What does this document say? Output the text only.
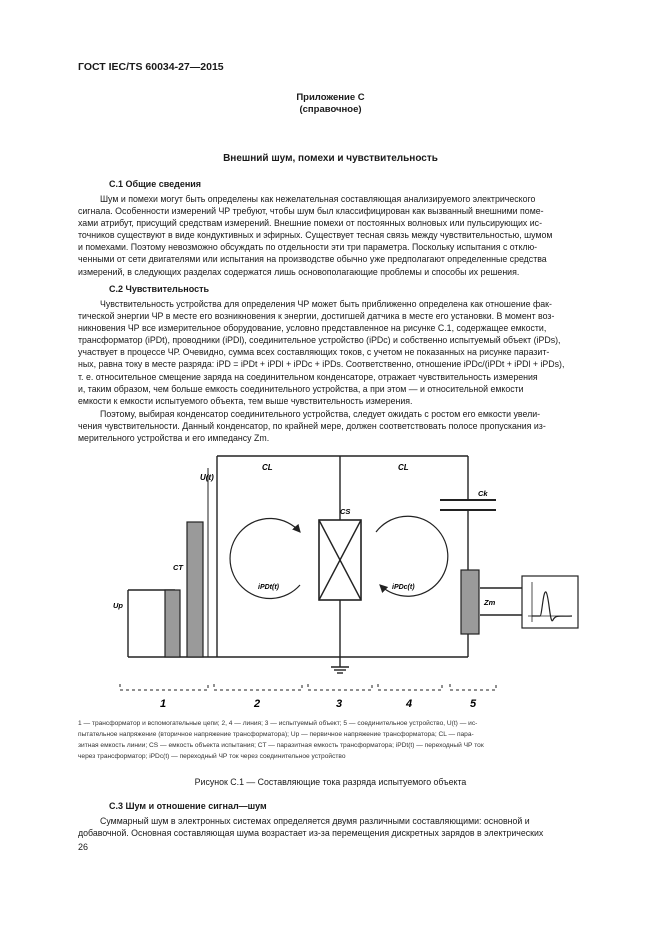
ГОСТ IEC/TS 60034-27—2015
Приложение С
(справочное)
Внешний шум, помехи и чувствительность
С.1 Общие сведения
Шум и помехи могут быть определены как нежелательная составляющая анализируемого электрического
сигнала. Особенности измерений ЧР требуют, чтобы шум был классифицирован как вызванный внешними поме-
хами атрибут, присущий средствам измерений. Внешние помехи от постоянных волновых или пульсирующих ис-
точников существуют в виде кондуктивных и эфирных. Существует тесная связь между чувствительностью, шумом
и помехами. Поэтому невозможно обсуждать по отдельности эти три параметра. Поскольку испытания с отклю-
ченными от сети двигателями или испытания на производстве обычно уже предполагают определенные средства
измерений, в следующих разделах содержатся лишь основополагающие проблемы и способы их решения.
С.2 Чувствительность
Чувствительность устройства для определения ЧР может быть приближенно определена как отношение фак-
тической энергии ЧР в месте его возникновения к энергии, достигшей датчика в месте его установки. В момент воз-
никновения ЧР все измерительное оборудование, условно представленное на рисунке С.1, содержащее емкости,
трансформатор (iPDt), проводники (iPDl), соединительное устройство (iPDc) и собственно испытуемый объект (iPDs),
участвует в процессе ЧР. Очевидно, сумма всех составляющих токов, с учетом не показанных на рисунке паразит-
ных, равна току в месте разряда: iPD = iPDt + iPDl + iPDc + iPDs. Соответственно, отношение iPDc/(iPDt + iPDl + iPDs),
т. е. относительное смещение заряда на соединительном конденсаторе, отражает чувствительность измерения
и, таким образом, чем больше емкость соединительного устройства, а при этом — и относительной емкости
емкости к емкости испытуемого объекта, тем выше чувствительность измерения.
Поэтому, выбирая конденсатор соединительного устройства, следует ожидать с ростом его емкости увели-
чения чувствительности. Данный конденсатор, по крайней мере, должен соответствовать полосе пропускания из-
мерительного устройства и его импедансу Zm.
U(t)
CL	CL
CS
CT
Ck
Up	Zm
iPDt(t)	iPDc(t)
1	2	3	4	5
1 — трансформатор и вспомогательные цепи; 2, 4 — линия; 3 — испытуемый объект; 5 — соединительное устройство, U(t) — ис-
пытательное напряжение (вторичное напряжение трансформатора); Up — первичное напряжение трансформатора; CL — пара-
зитная емкость линии; CS — емкость объекта испытания; CT — паразитная емкость трансформатора; iPDt(t) — переходный ЧР ток
через трансформатор; iPDc(t) — переходный ЧР ток через соединительное устройство
Рисунок С.1 — Составляющие тока разряда испытуемого объекта
С.3 Шум и отношение сигнал—шум
Суммарный шум в электронных системах определяется двумя различными составляющими: основной и
добавочной. Основная составляющая шума возрастает из-за перемещения дискретных зарядов в электрических
26
